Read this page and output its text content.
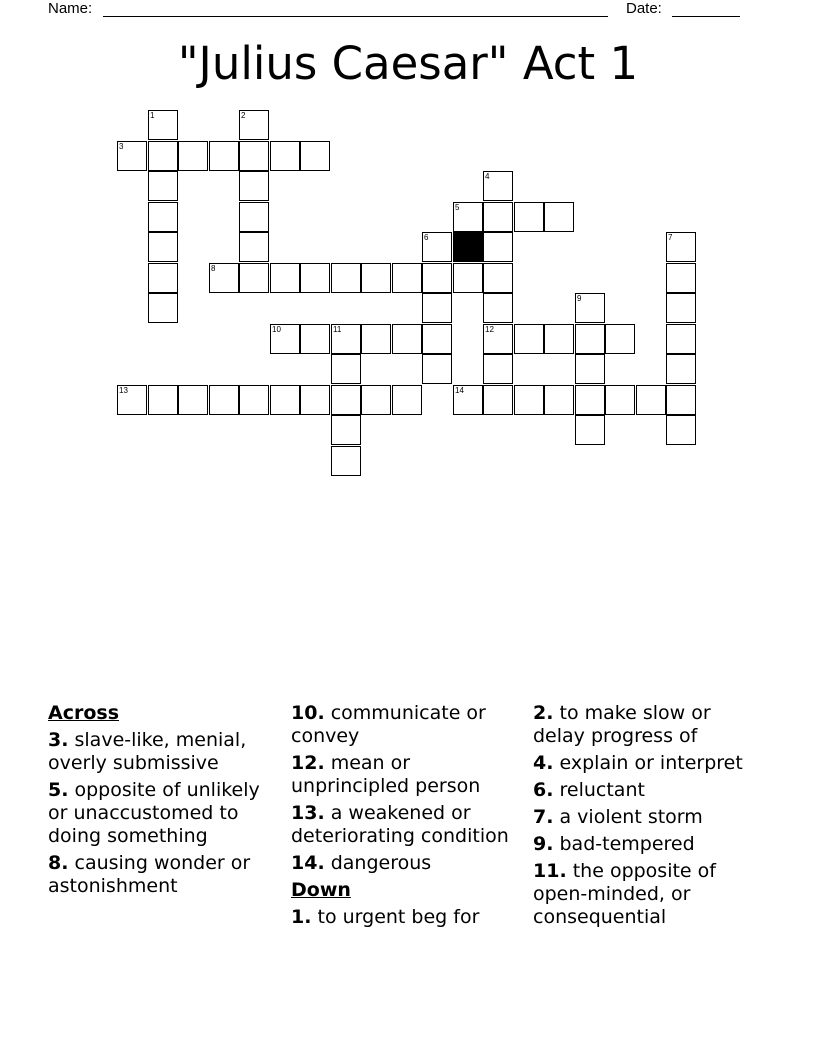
Name:	Date:
"Julius Caesar" Act 1
1	2
3
4
5
6	7
8
9
10	11	12
13	14
Across
3. slave-like, menial, overly submissive
5. opposite of unlikely or unaccustomed to doing something
8. causing wonder or astonishment
10. communicate or convey
12. mean or unprincipled person
13. a weakened or deteriorating condition
14. dangerous
Down
1. to urgent beg for
2. to make slow or delay progress of
4. explain or interpret
6. reluctant
7. a violent storm
9. bad-tempered
11. the opposite of open-minded, or consequential
